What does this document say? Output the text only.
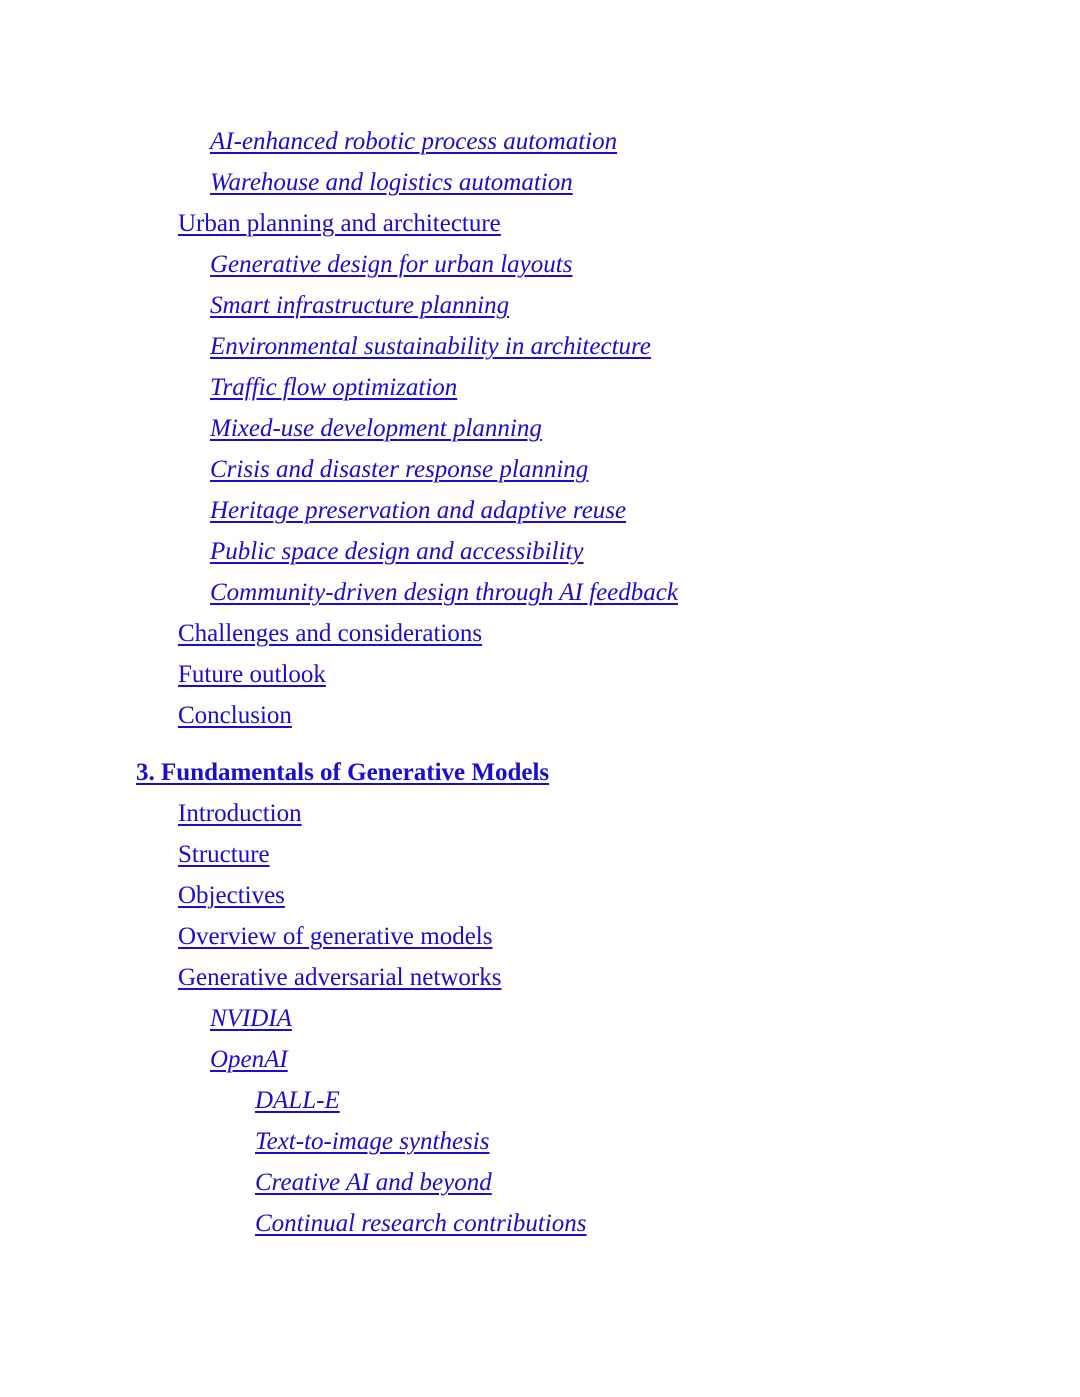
AI-enhanced robotic process automation
Warehouse and logistics automation
Urban planning and architecture
Generative design for urban layouts
Smart infrastructure planning
Environmental sustainability in architecture
Traffic flow optimization
Mixed-use development planning
Crisis and disaster response planning
Heritage preservation and adaptive reuse
Public space design and accessibility
Community-driven design through AI feedback
Challenges and considerations
Future outlook
Conclusion
3. Fundamentals of Generative Models
Introduction
Structure
Objectives
Overview of generative models
Generative adversarial networks
NVIDIA
OpenAI
DALL-E
Text-to-image synthesis
Creative AI and beyond
Continual research contributions
